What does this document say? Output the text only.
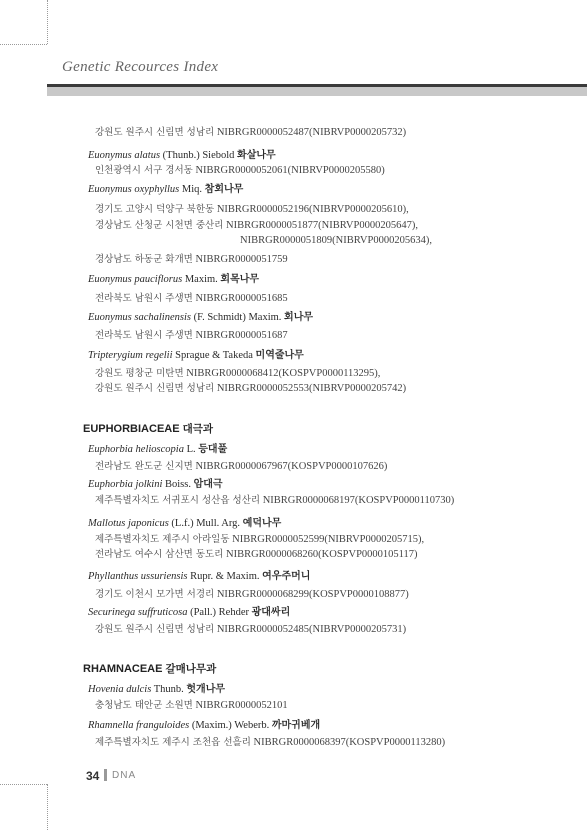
Genetic Recources Index
강원도 원주시 신림면 성남리 NIBRGR0000052487(NIBRVP0000205732)
Euonymus alatus (Thunb.) Siebold 화살나무
인천광역시 서구 경서동 NIBRGR0000052061(NIBRVP0000205580)
Euonymus oxyphyllus Miq. 참회나무
경기도 고양시 덕양구 북한동 NIBRGR0000052196(NIBRVP0000205610),
경상남도 산청군 시천면 중산리 NIBRGR0000051877(NIBRVP0000205647),
NIBRGR0000051809(NIBRVP0000205634),
경상남도 하동군 화개면 NIBRGR0000051759
Euonymus pauciflorus Maxim. 회목나무
전라북도 남원시 주생면 NIBRGR0000051685
Euonymus sachalinensis (F. Schmidt) Maxim. 회나무
전라북도 남원시 주생면 NIBRGR0000051687
Tripterygium regelii Sprague & Takeda 미역줄나무
강원도 평창군 미탄면 NIBRGR0000068412(KOSPVP0000113295),
강원도 원주시 신림면 성남리 NIBRGR0000052553(NIBRVP0000205742)
EUPHORBIACEAE 대극과
Euphorbia helioscopia L. 등대풀
전라남도 완도군 신지면 NIBRGR0000067967(KOSPVP0000107626)
Euphorbia jolkini Boiss. 암대극
제주특별자치도 서귀포시 성산읍 성산리 NIBRGR0000068197(KOSPVP0000110730)
Mallotus japonicus (L.f.) Mull. Arg. 예덕나무
제주특별자치도 제주시 아라일동 NIBRGR0000052599(NIBRVP0000205715),
전라남도 여수시 삼산면 동도리 NIBRGR0000068260(KOSPVP0000105117)
Phyllanthus ussuriensis Rupr. & Maxim. 여우주머니
경기도 이천시 모가면 서경리 NIBRGR0000068299(KOSPVP0000108877)
Securinega suffruticosa (Pall.) Rehder 광대싸리
강원도 원주시 신림면 성남리 NIBRGR0000052485(NIBRVP0000205731)
RHAMNACEAE 갈매나무과
Hovenia dulcis Thunb. 헛개나무
충청남도 태안군 소원면 NIBRGR0000052101
Rhamnella franguloides (Maxim.) Weberb. 까마귀베개
제주특별자치도 제주시 조천읍 선흘리 NIBRGR0000068397(KOSPVP0000113280)
34 DNA
